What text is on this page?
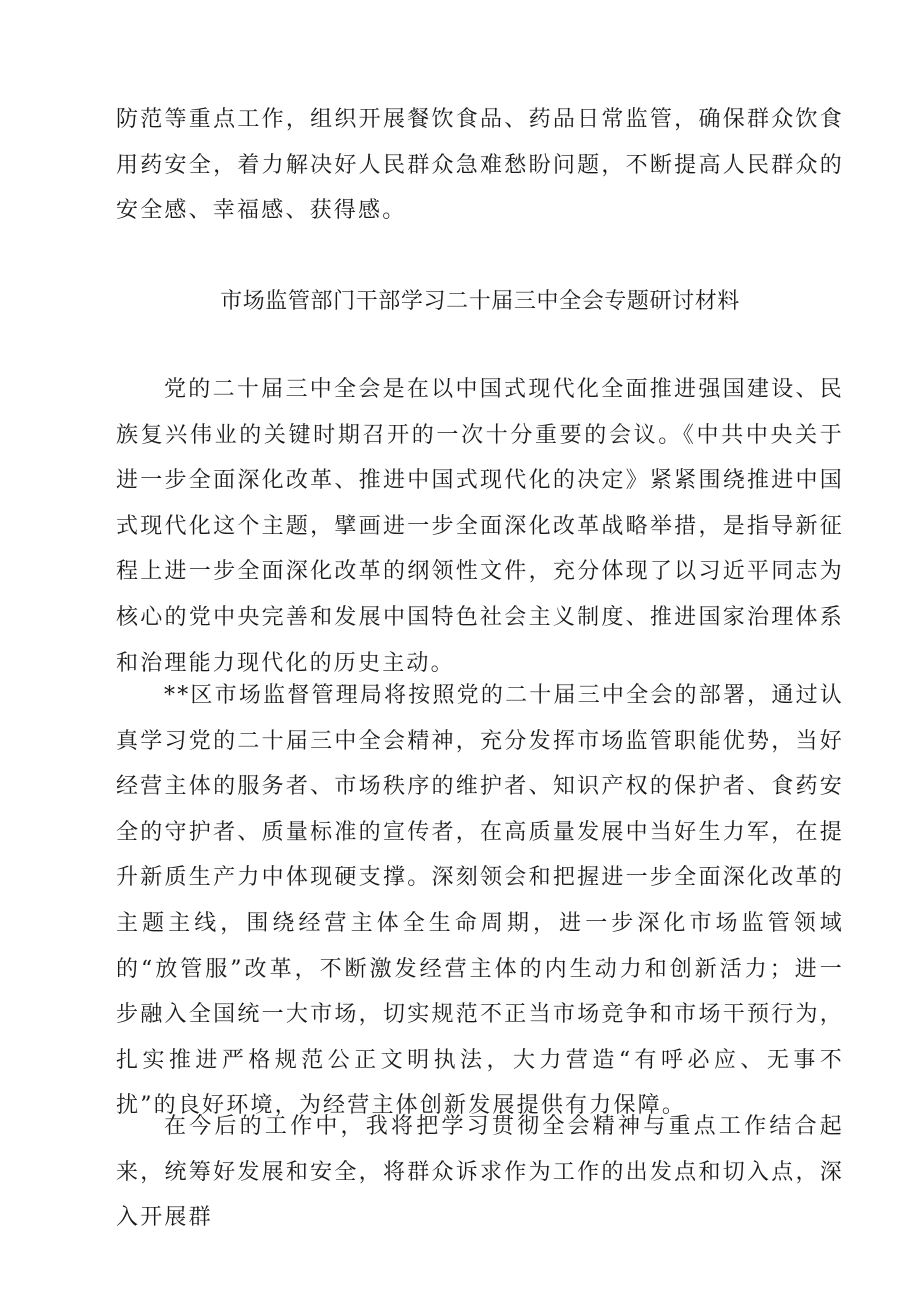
防范等重点工作，组织开展餐饮食品、药品日常监管，确保群众饮食用药安全，着力解决好人民群众急难愁盼问题，不断提高人民群众的安全感、幸福感、获得感。

市场监管部门干部学习二十届三中全会专题研讨材料

党的二十届三中全会是在以中国式现代化全面推进强国建设、民族复兴伟业的关键时期召开的一次十分重要的会议。《中共中央关于进一步全面深化改革、推进中国式现代化的决定》紧紧围绕推进中国式现代化这个主题，擘画进一步全面深化改革战略举措，是指导新征程上进一步全面深化改革的纲领性文件，充分体现了以习近平同志为核心的党中央完善和发展中国特色社会主义制度、推进国家治理体系和治理能力现代化的历史主动。

**区市场监督管理局将按照党的二十届三中全会的部署，通过认真学习党的二十届三中全会精神，充分发挥市场监管职能优势，当好经营主体的服务者、市场秩序的维护者、知识产权的保护者、食药安全的守护者、质量标准的宣传者，在高质量发展中当好生力军，在提升新质生产力中体现硬支撑。深刻领会和把握进一步全面深化改革的主题主线，围绕经营主体全生命周期，进一步深化市场监管领域的“放管服”改革，不断激发经营主体的内生动力和创新活力；进一步融入全国统一大市场，切实规范不正当市场竞争和市场干预行为，扎实推进严格规范公正文明执法，大力营造“有呼必应、无事不扰”的良好环境，为经营主体创新发展提供有力保障。

在今后的工作中，我将把学习贯彻全会精神与重点工作结合起来，统筹好发展和安全，将群众诉求作为工作的出发点和切入点，深入开展群
